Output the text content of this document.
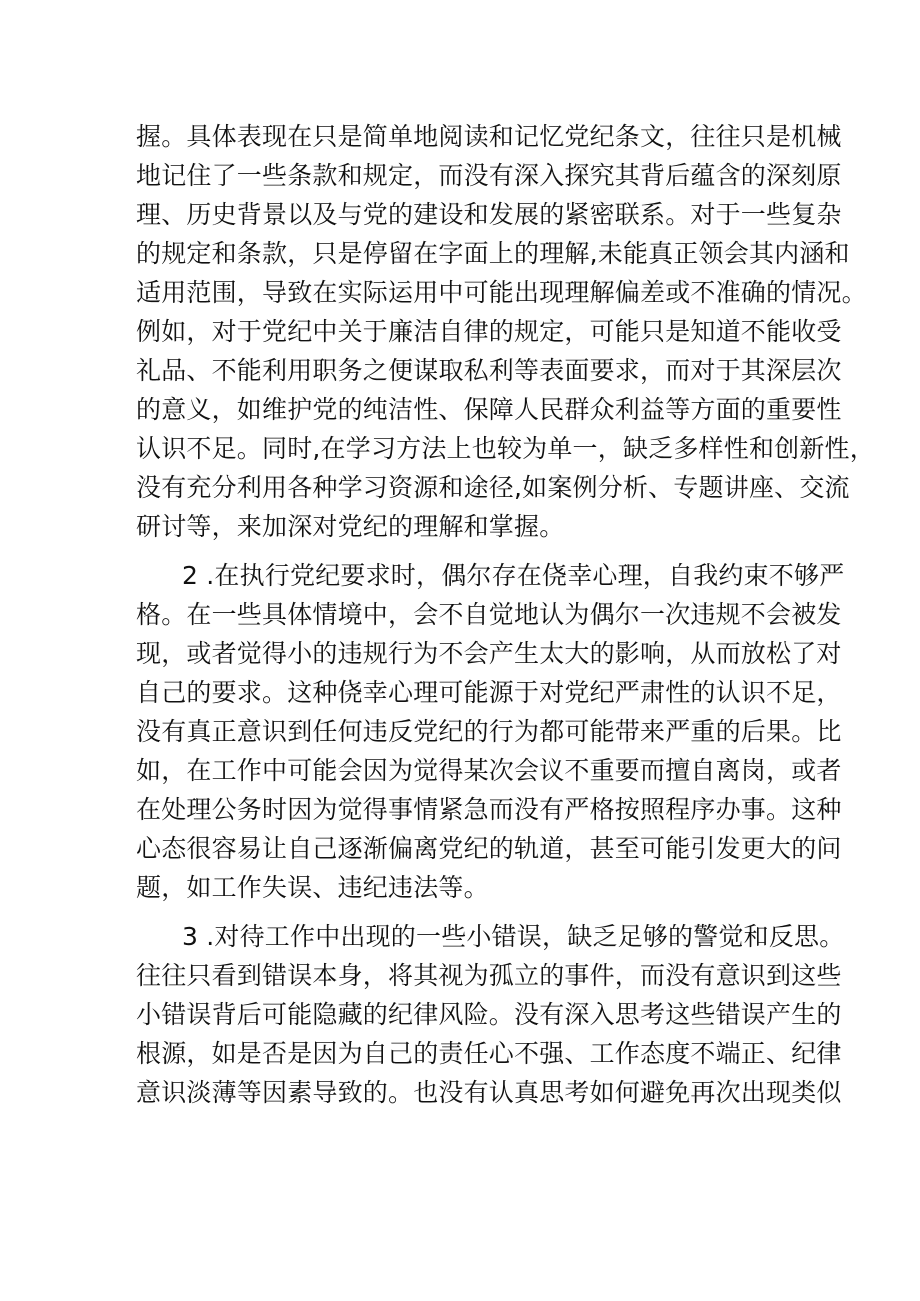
握。具体表现在只是简单地阅读和记忆党纪条文，往往只是机械
地记住了一些条款和规定，而没有深入探究其背后蕴含的深刻原
理、历史背景以及与党的建设和发展的紧密联系。对于一些复杂
的规定和条款，只是停留在字面上的理解,未能真正领会其内涵和
适用范围，导致在实际运用中可能出现理解偏差或不准确的情况。
例如，对于党纪中关于廉洁自律的规定，可能只是知道不能收受
礼品、不能利用职务之便谋取私利等表面要求，而对于其深层次
的意义，如维护党的纯洁性、保障人民群众利益等方面的重要性
认识不足。同时,在学习方法上也较为单一，缺乏多样性和创新性，
没有充分利用各种学习资源和途径,如案例分析、专题讲座、交流
研讨等，来加深对党纪的理解和掌握。
2 .在执行党纪要求时，偶尔存在侥幸心理，自我约束不够严
格。在一些具体情境中，会不自觉地认为偶尔一次违规不会被发
现，或者觉得小的违规行为不会产生太大的影响，从而放松了对
自己的要求。这种侥幸心理可能源于对党纪严肃性的认识不足，
没有真正意识到任何违反党纪的行为都可能带来严重的后果。比
如，在工作中可能会因为觉得某次会议不重要而擅自离岗，或者
在处理公务时因为觉得事情紧急而没有严格按照程序办事。这种
心态很容易让自己逐渐偏离党纪的轨道，甚至可能引发更大的问
题，如工作失误、违纪违法等。
3 .对待工作中出现的一些小错误，缺乏足够的警觉和反思。
往往只看到错误本身，将其视为孤立的事件，而没有意识到这些
小错误背后可能隐藏的纪律风险。没有深入思考这些错误产生的
根源，如是否是因为自己的责任心不强、工作态度不端正、纪律
意识淡薄等因素导致的。也没有认真思考如何避免再次出现类似
